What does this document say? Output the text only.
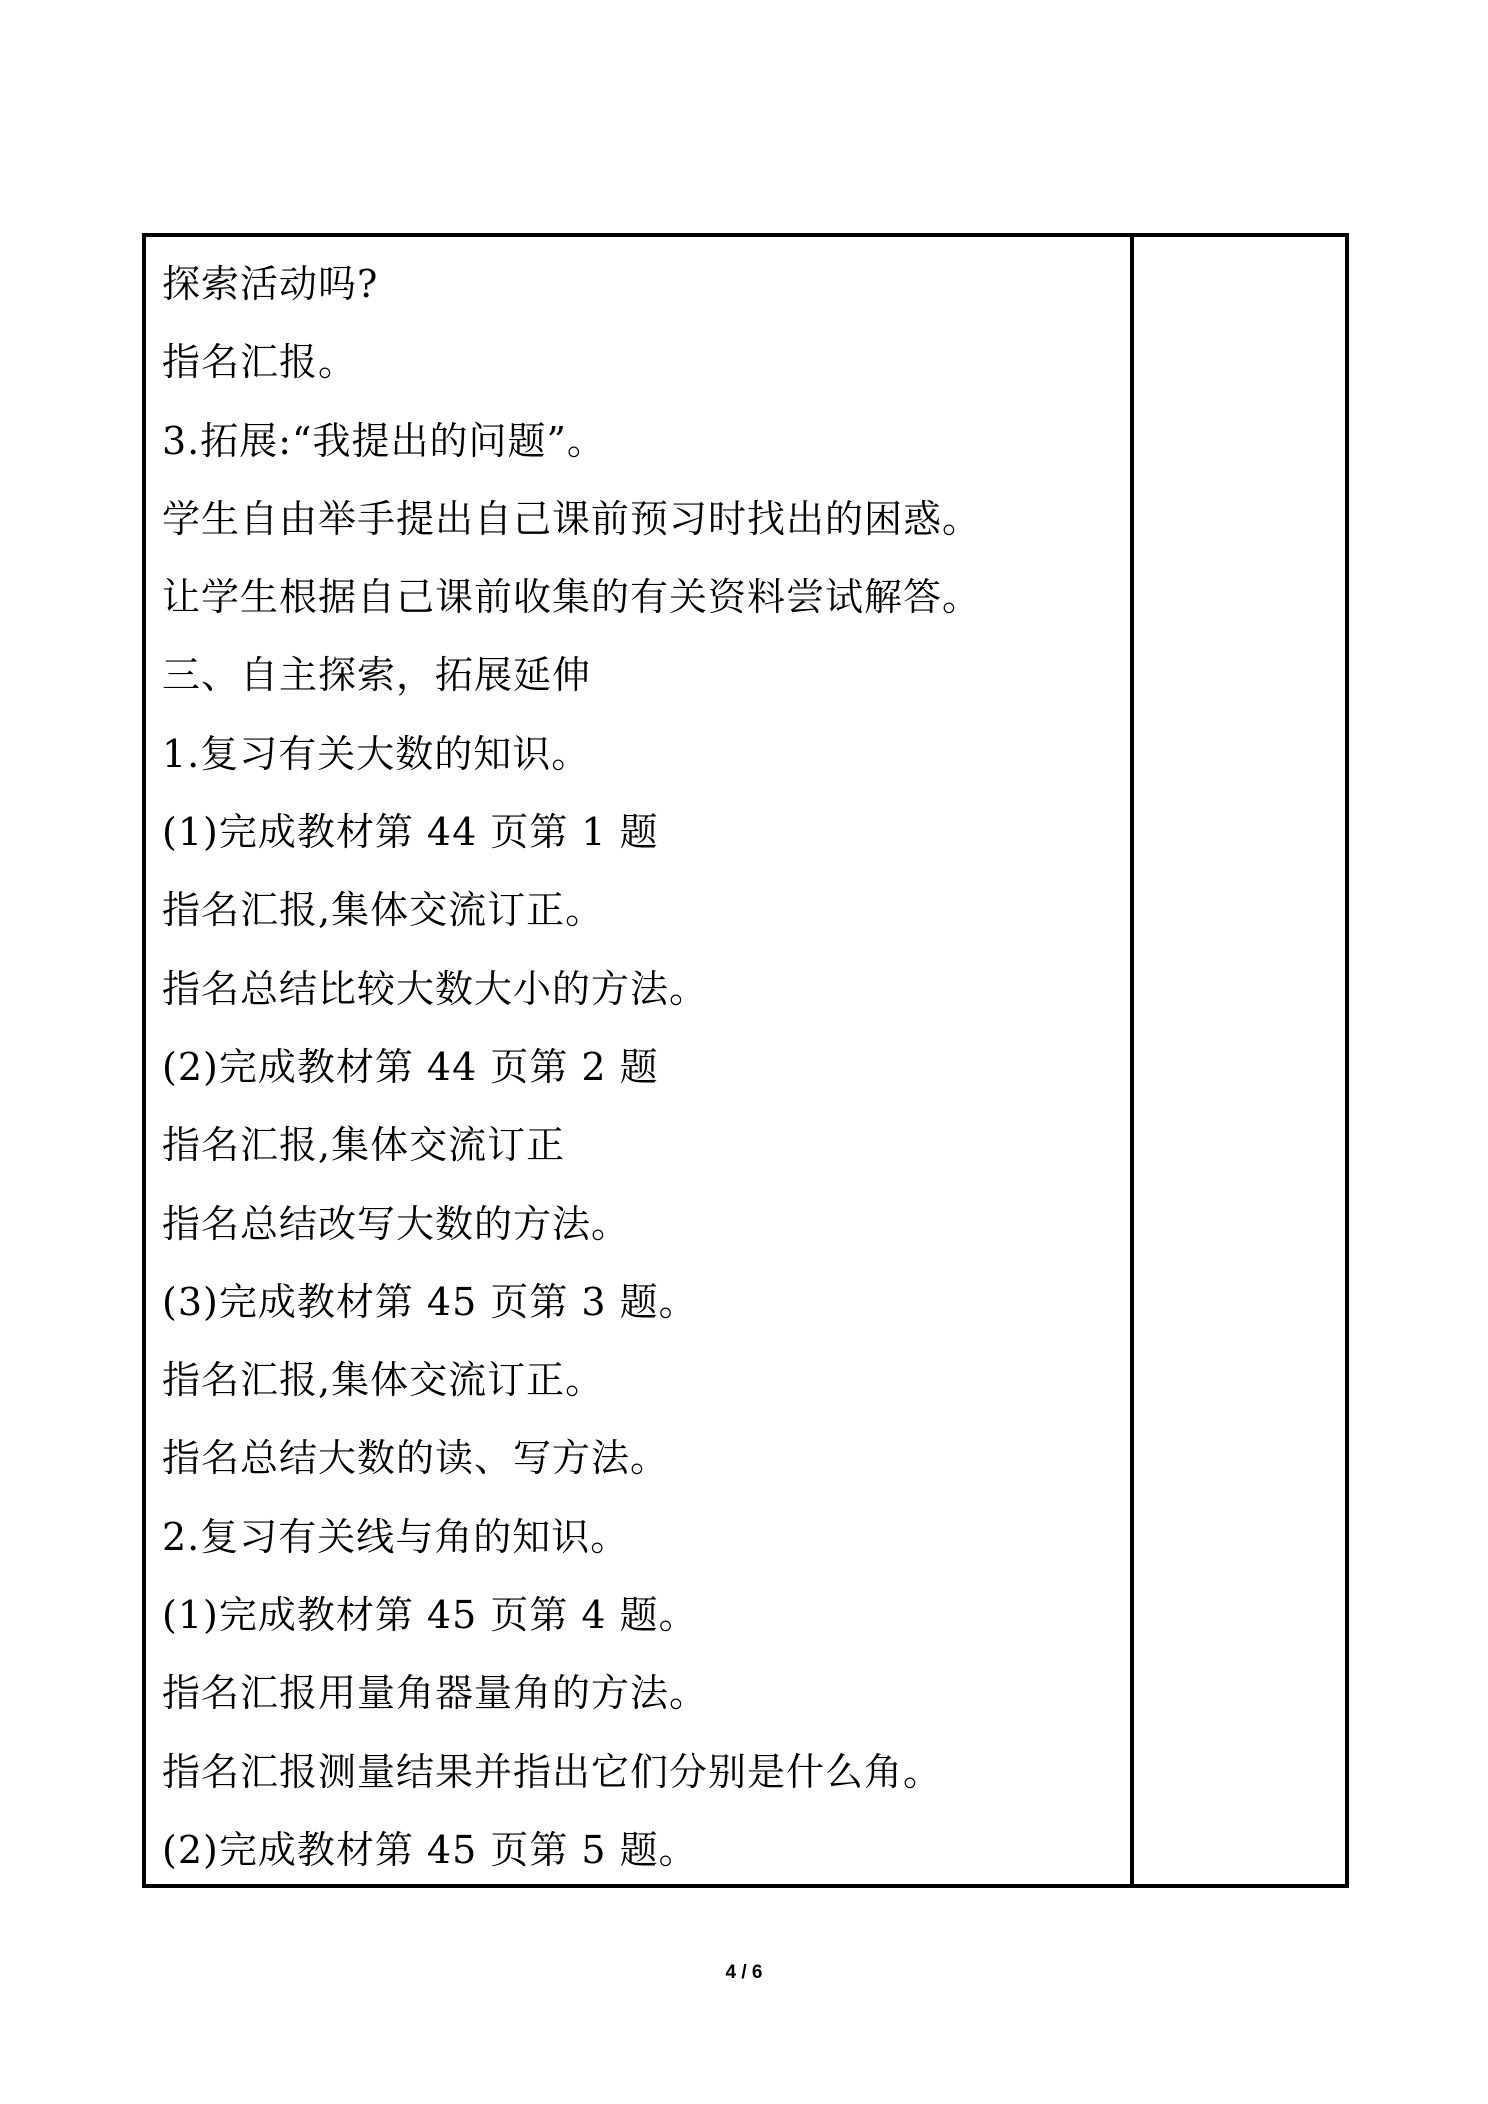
探索活动吗?
指名汇报。
3.拓展:“我提出的问题”。
学生自由举手提出自己课前预习时找出的困惑。
让学生根据自己课前收集的有关资料尝试解答。
三、自主探索，拓展延伸
1.复习有关大数的知识。
(1)完成教材第 44 页第 1 题
指名汇报,集体交流订正。
指名总结比较大数大小的方法。
(2)完成教材第 44 页第 2 题
指名汇报,集体交流订正
指名总结改写大数的方法。
(3)完成教材第 45 页第 3 题。
指名汇报,集体交流订正。
指名总结大数的读、写方法。
2.复习有关线与角的知识。
(1)完成教材第 45 页第 4 题。
指名汇报用量角器量角的方法。
指名汇报测量结果并指出它们分别是什么角。
(2)完成教材第 45 页第 5 题。
4 / 6
